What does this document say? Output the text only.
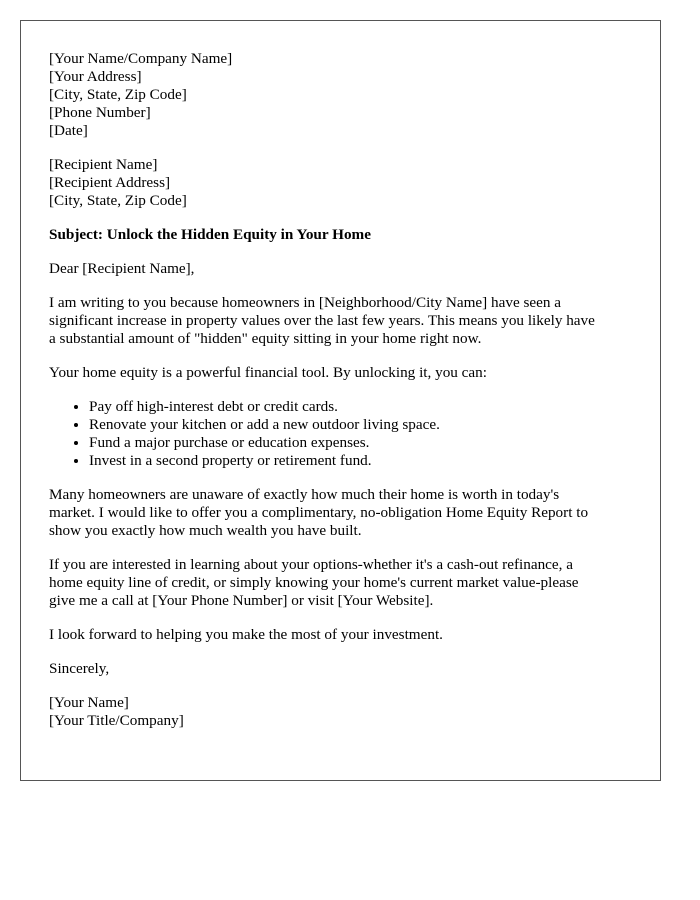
[Your Name/Company Name]
[Your Address]
[City, State, Zip Code]
[Phone Number]
[Date]
[Recipient Name]
[Recipient Address]
[City, State, Zip Code]

Subject: Unlock the Hidden Equity in Your Home

Dear [Recipient Name],

I am writing to you because homeowners in [Neighborhood/City Name] have seen a
significant increase in property values over the last few years. This means you likely have
a substantial amount of "hidden" equity sitting in your home right now.

Your home equity is a powerful financial tool. By unlocking it, you can:

• Pay off high-interest debt or credit cards.
• Renovate your kitchen or add a new outdoor living space.
• Fund a major purchase or education expenses.
• Invest in a second property or retirement fund.

Many homeowners are unaware of exactly how much their home is worth in today's
market. I would like to offer you a complimentary, no-obligation Home Equity Report to
show you exactly how much wealth you have built.

If you are interested in learning about your options-whether it's a cash-out refinance, a
home equity line of credit, or simply knowing your home's current market value-please
give me a call at [Your Phone Number] or visit [Your Website].

I look forward to helping you make the most of your investment.

Sincerely,

[Your Name]
[Your Title/Company]
